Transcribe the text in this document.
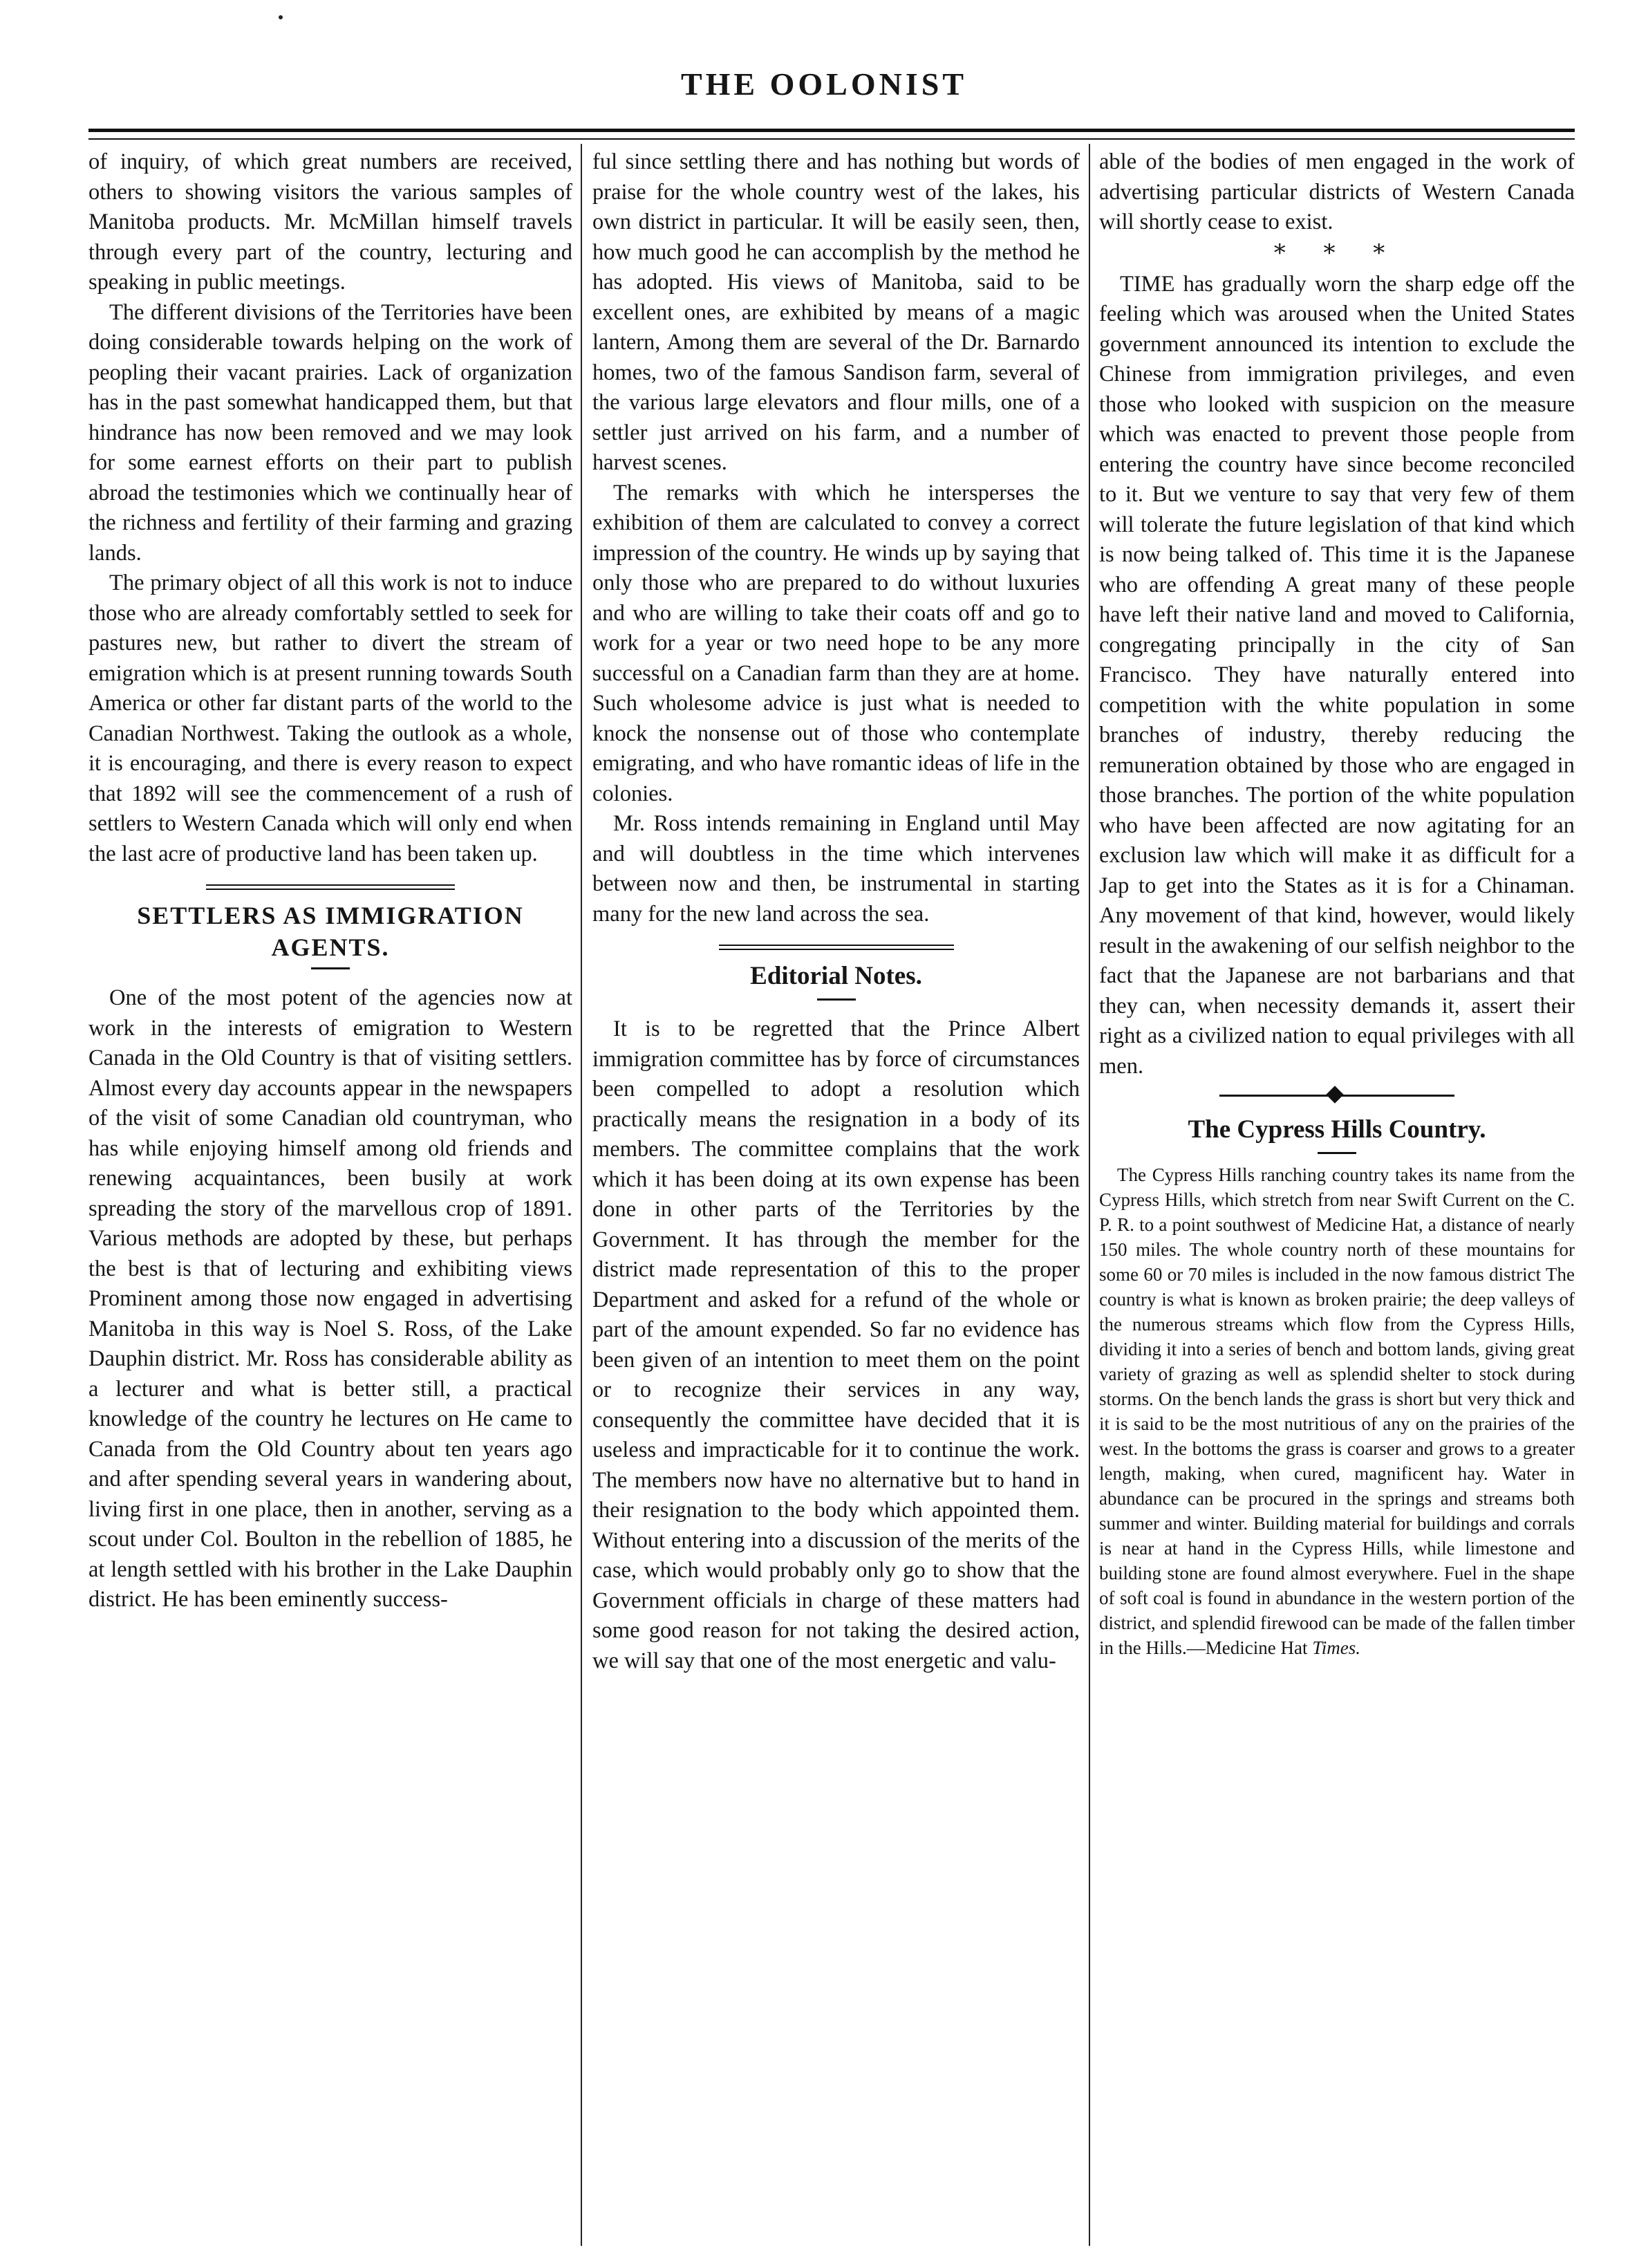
THE OOLONIST

of inquiry, of which great numbers are received, others to showing visitors the various samples of Manitoba products. Mr. McMillan himself travels through every part of the country, lecturing and speaking in public meetings.

The different divisions of the Territories have been doing considerable towards helping on the work of peopling their vacant prairies. Lack of organization has in the past somewhat handicapped them, but that hindrance has now been removed and we may look for some earnest efforts on their part to publish abroad the testimonies which we continually hear of the richness and fertility of their farming and grazing lands.

The primary object of all this work is not to induce those who are already comfortably settled to seek for pastures new, but rather to divert the stream of emigration which is at present running towards South America or other far distant parts of the world to the Canadian Northwest. Taking the outlook as a whole, it is encouraging, and there is every reason to expect that 1892 will see the commencement of a rush of settlers to Western Canada which will only end when the last acre of productive land has been taken up.

SETTLERS AS IMMIGRATION
AGENTS.

One of the most potent of the agencies now at work in the interests of emigration to Western Canada in the Old Country is that of visiting settlers. Almost every day accounts appear in the newspapers of the visit of some Canadian old countryman, who has while enjoying himself among old friends and renewing acquaintances, been busily at work spreading the story of the marvellous crop of 1891. Various methods are adopted by these, but perhaps the best is that of lecturing and exhibiting views Prominent among those now engaged in advertising Manitoba in this way is Noel S. Ross, of the Lake Dauphin district. Mr. Ross has considerable ability as a lecturer and what is better still, a practical knowledge of the country he lectures on He came to Canada from the Old Country about ten years ago and after spending several years in wandering about, living first in one place, then in another, serving as a scout under Col. Boulton in the rebellion of 1885, he at length settled with his brother in the Lake Dauphin district. He has been eminently success-

ful since settling there and has nothing but words of praise for the whole country west of the lakes, his own district in particular. It will be easily seen, then, how much good he can accomplish by the method he has adopted. His views of Manitoba, said to be excellent ones, are exhibited by means of a magic lantern, Among them are several of the Dr. Barnardo homes, two of the famous Sandison farm, several of the various large elevators and flour mills, one of a settler just arrived on his farm, and a number of harvest scenes.

The remarks with which he intersperses the exhibition of them are calculated to convey a correct impression of the country. He winds up by saying that only those who are prepared to do without luxuries and who are willing to take their coats off and go to work for a year or two need hope to be any more successful on a Canadian farm than they are at home. Such wholesome advice is just what is needed to knock the nonsense out of those who contemplate emigrating, and who have romantic ideas of life in the colonies.

Mr. Ross intends remaining in England until May and will doubtless in the time which intervenes between now and then, be instrumental in starting many for the new land across the sea.

Editorial Notes.

It is to be regretted that the Prince Albert immigration committee has by force of circumstances been compelled to adopt a resolution which practically means the resignation in a body of its members. The committee complains that the work which it has been doing at its own expense has been done in other parts of the Territories by the Government. It has through the member for the district made representation of this to the proper Department and asked for a refund of the whole or part of the amount expended. So far no evidence has been given of an intention to meet them on the point or to recognize their services in any way, consequently the committee have decided that it is useless and impracticable for it to continue the work. The members now have no alternative but to hand in their resignation to the body which appointed them. Without entering into a discussion of the merits of the case, which would probably only go to show that the Government officials in charge of these matters had some good reason for not taking the desired action, we will say that one of the most energetic and valu-

able of the bodies of men engaged in the work of advertising particular districts of Western Canada will shortly cease to exist.

* * *

TIME has gradually worn the sharp edge off the feeling which was aroused when the United States government announced its intention to exclude the Chinese from immigration privileges, and even those who looked with suspicion on the measure which was enacted to prevent those people from entering the country have since become reconciled to it. But we venture to say that very few of them will tolerate the future legislation of that kind which is now being talked of. This time it is the Japanese who are offending A great many of these people have left their native land and moved to California, congregating principally in the city of San Francisco. They have naturally entered into competition with the white population in some branches of industry, thereby reducing the remuneration obtained by those who are engaged in those branches. The portion of the white population who have been affected are now agitating for an exclusion law which will make it as difficult for a Jap to get into the States as it is for a Chinaman. Any movement of that kind, however, would likely result in the awakening of our selfish neighbor to the fact that the Japanese are not barbarians and that they can, when necessity demands it, assert their right as a civilized nation to equal privileges with all men.

The Cypress Hills Country.

The Cypress Hills ranching country takes its name from the Cypress Hills, which stretch from near Swift Current on the C. P. R. to a point southwest of Medicine Hat, a distance of nearly 150 miles. The whole country north of these mountains for some 60 or 70 miles is included in the now famous district The country is what is known as broken prairie; the deep valleys of the numerous streams which flow from the Cypress Hills, dividing it into a series of bench and bottom lands, giving great variety of grazing as well as splendid shelter to stock during storms. On the bench lands the grass is short but very thick and it is said to be the most nutritious of any on the prairies of the west. In the bottoms the grass is coarser and grows to a greater length, making, when cured, magnificent hay. Water in abundance can be procured in the springs and streams both summer and winter. Building material for buildings and corrals is near at hand in the Cypress Hills, while limestone and building stone are found almost everywhere. Fuel in the shape of soft coal is found in abundance in the western portion of the district, and splendid firewood can be made of the fallen timber in the Hills.—Medicine Hat Times.
